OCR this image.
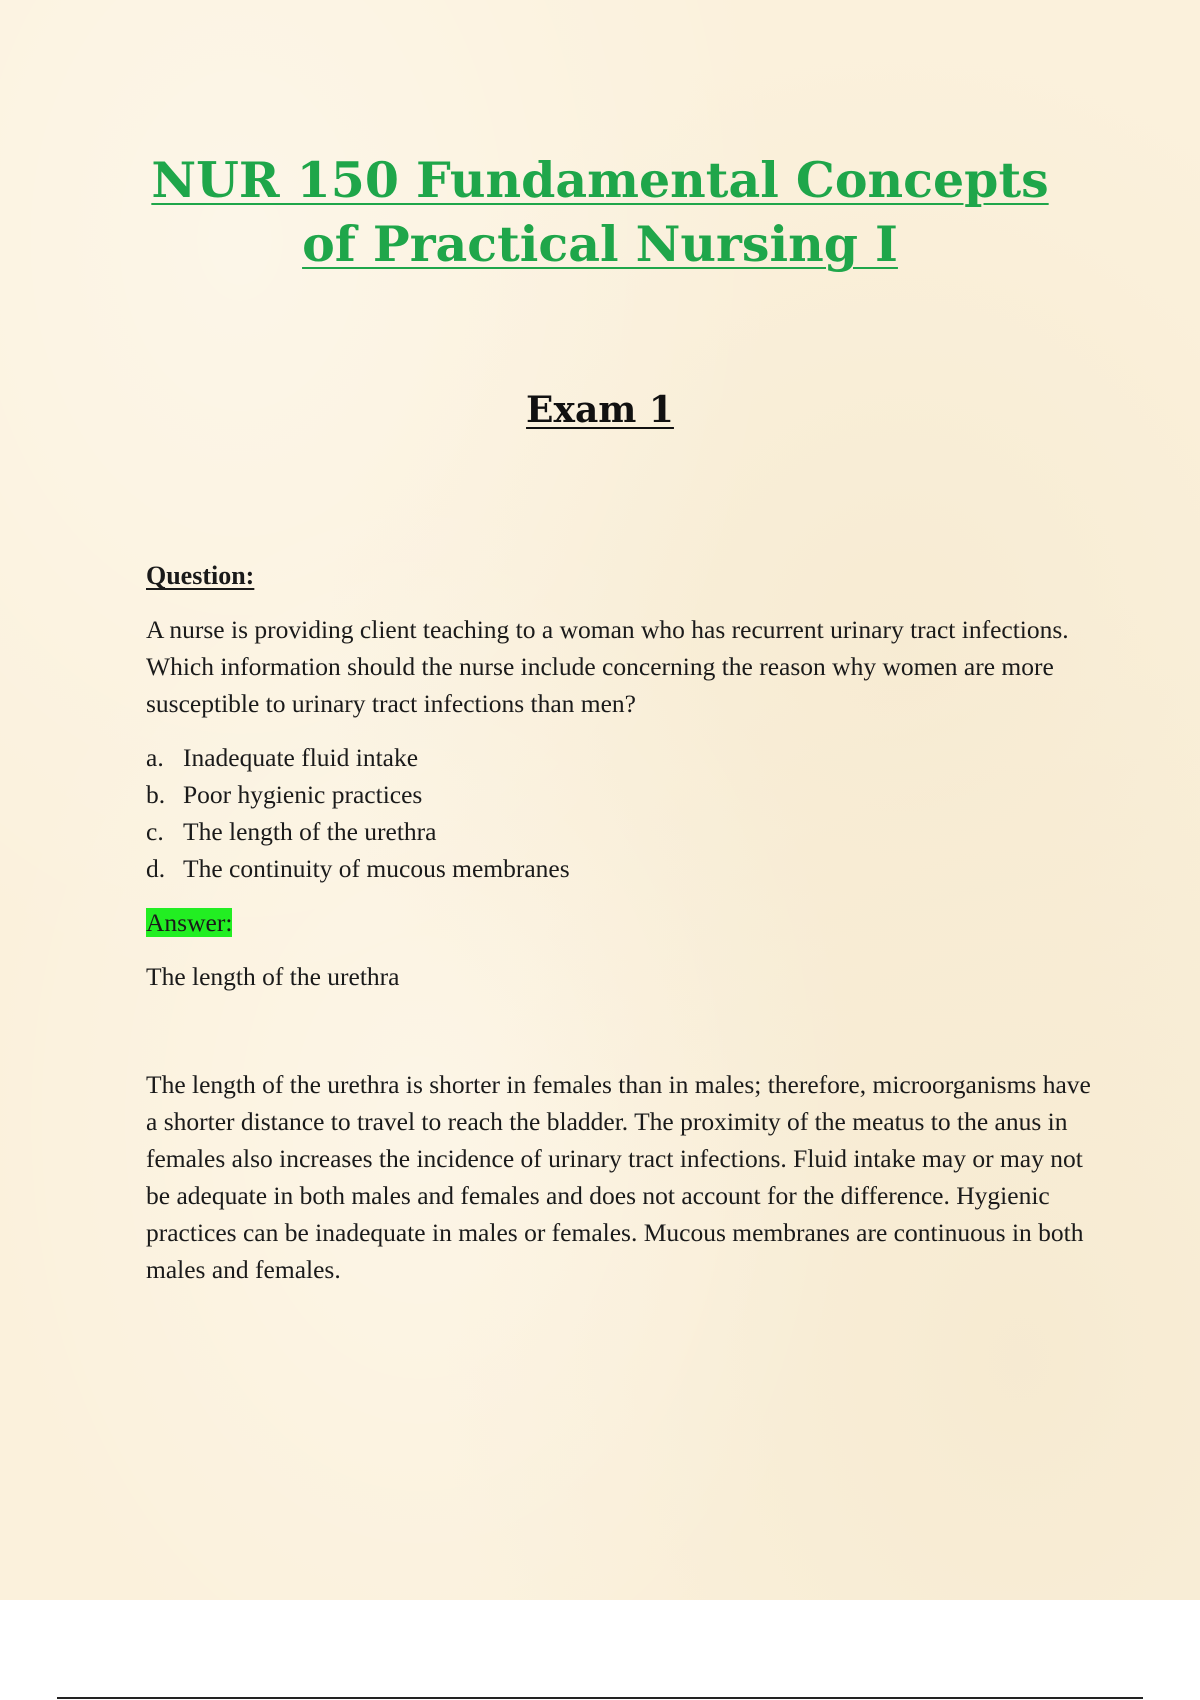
NUR 150 Fundamental Concepts
of Practical Nursing I
Exam 1

Question:

A nurse is providing client teaching to a woman who has recurrent urinary tract infections. Which information should the nurse include concerning the reason why women are more susceptible to urinary tract infections than men?

a. Inadequate fluid intake
b. Poor hygienic practices
c. The length of the urethra
d. The continuity of mucous membranes

Answer:

The length of the urethra

The length of the urethra is shorter in females than in males; therefore, microorganisms have a shorter distance to travel to reach the bladder. The proximity of the meatus to the anus in females also increases the incidence of urinary tract infections. Fluid intake may or may not be adequate in both males and females and does not account for the difference. Hygienic practices can be inadequate in males or females. Mucous membranes are continuous in both males and females.
